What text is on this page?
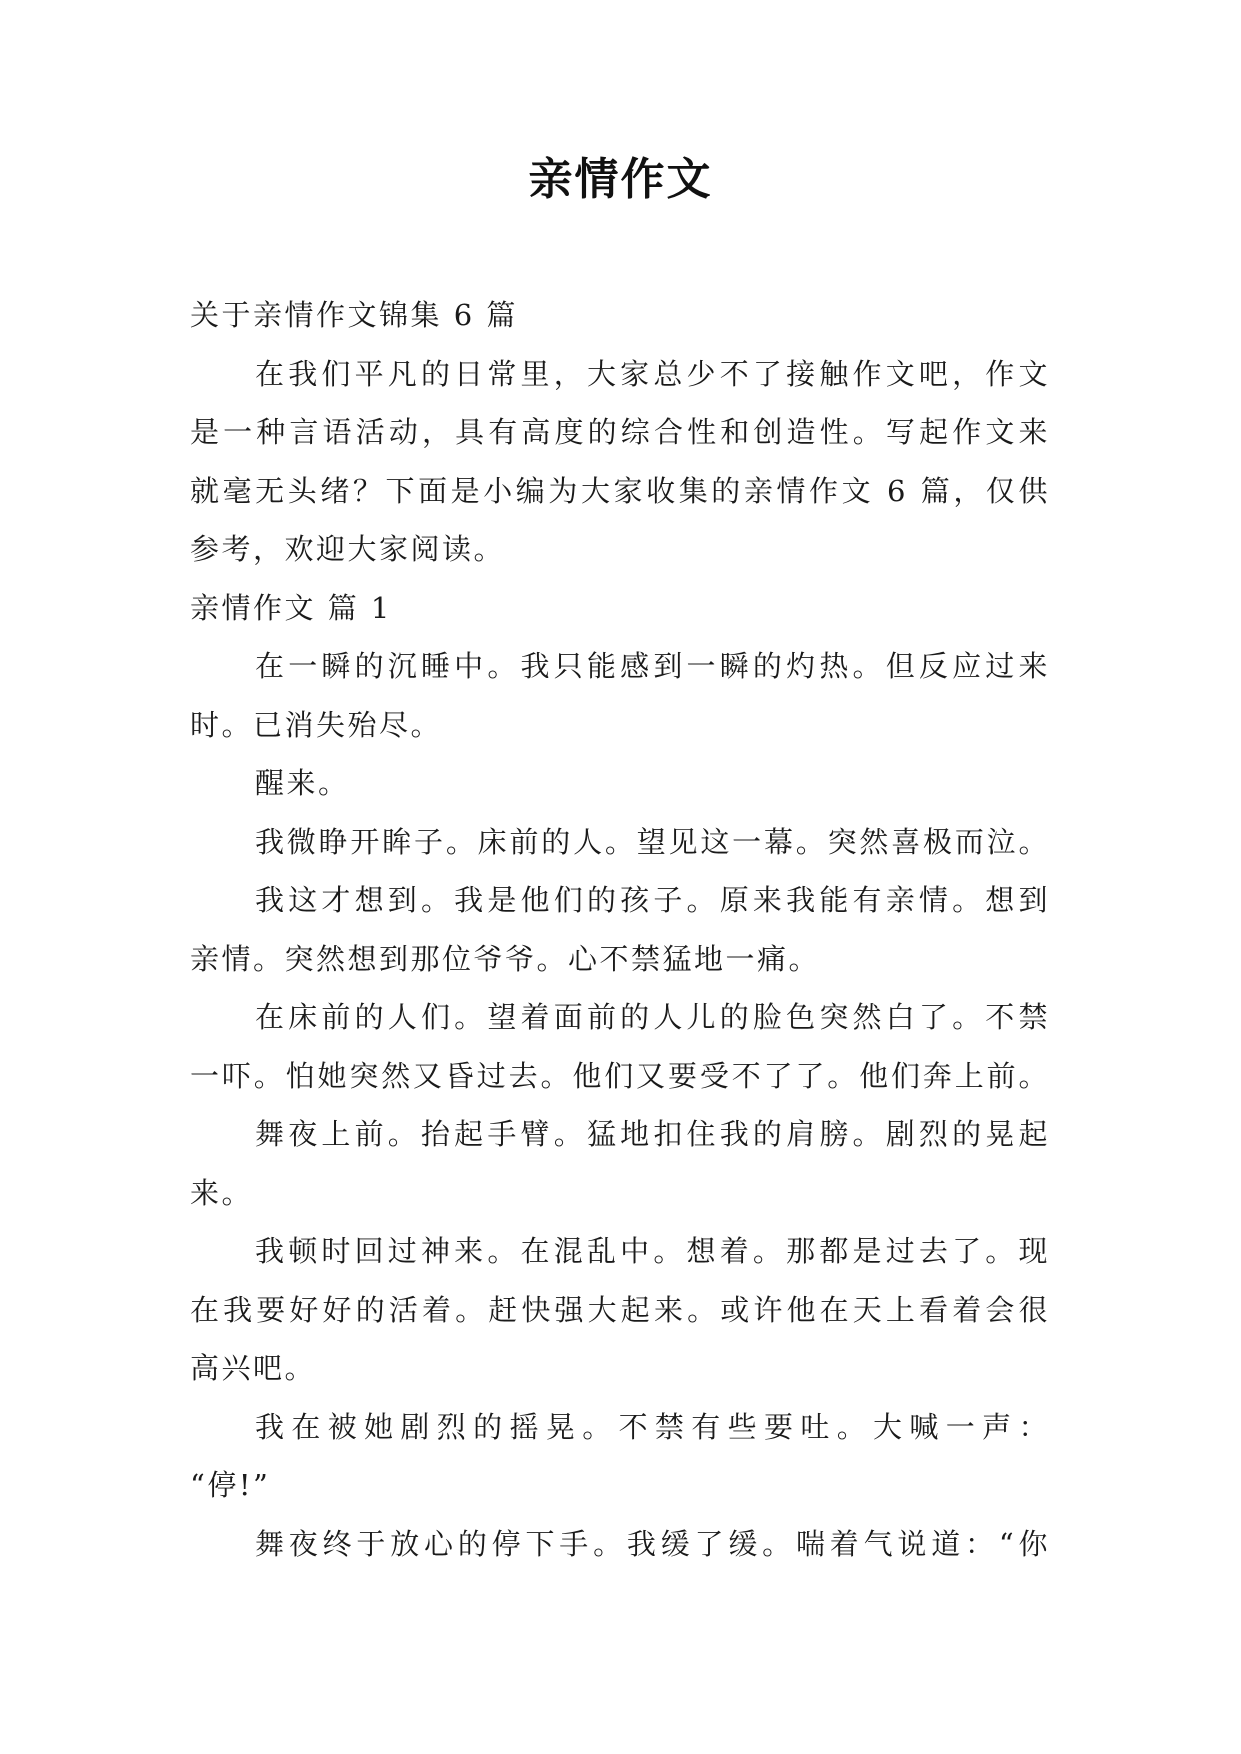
亲情作文
关于亲情作文锦集 6 篇
在我们平凡的日常里，大家总少不了接触作文吧，作文
是一种言语活动，具有高度的综合性和创造性。写起作文来
就毫无头绪？下面是小编为大家收集的亲情作文 6 篇，仅供
参考，欢迎大家阅读。
亲情作文 篇 1
在一瞬的沉睡中。我只能感到一瞬的灼热。但反应过来
时。已消失殆尽。
醒来。
我微睁开眸子。床前的人。望见这一幕。突然喜极而泣。
我这才想到。我是他们的孩子。原来我能有亲情。想到
亲情。突然想到那位爷爷。心不禁猛地一痛。
在床前的人们。望着面前的人儿的脸色突然白了。不禁
一吓。怕她突然又昏过去。他们又要受不了了。他们奔上前。
舞夜上前。抬起手臂。猛地扣住我的肩膀。剧烈的晃起
来。
我顿时回过神来。在混乱中。想着。那都是过去了。现
在我要好好的活着。赶快强大起来。或许他在天上看着会很
高兴吧。
我在被她剧烈的摇晃。不禁有些要吐。大喊一声：
“停!”
舞夜终于放心的停下手。我缓了缓。喘着气说道：“你
